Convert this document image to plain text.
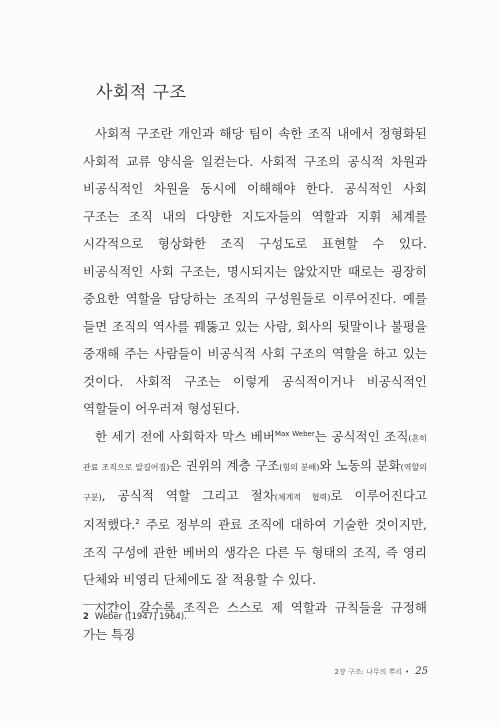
사회적 구조

사회적 구조란 개인과 해당 팀이 속한 조직 내에서 정형화된 사회적 교류 양식을 일컫는다. 사회적 구조의 공식적 차원과 비공식적인 차원을 동시에 이해해야 한다. 공식적인 사회 구조는 조직 내의 다양한 지도자들의 역할과 지휘 체계를 시각적으로 형상화한 조직 구성도로 표현할 수 있다. 비공식적인 사회 구조는, 명시되지는 않았지만 때로는 굉장히 중요한 역할을 담당하는 조직의 구성원들로 이루어진다. 예를 들면 조직의 역사를 꿰뚫고 있는 사람, 회사의 뒷말이나 불평을 중재해 주는 사람들이 비공식적 사회 구조의 역할을 하고 있는 것이다. 사회적 구조는 이렇게 공식적이거나 비공식적인 역할들이 어우러져 형성된다.

한 세기 전에 사회학자 막스 베버$^{Max Weber}$는 공식적인 조직(흔히 관료 조직으로 알길어짐)은 권위의 계층 구조(힘의 분배)와 노동의 분화(역할의 구분), 공식적 역할 그리고 절차(체계적 협력)로 이루어진다고 지적했다.$^2$ 주로 정부의 관료 조직에 대하여 기술한 것이지만, 조직 구성에 관한 베버의 생각은 다른 두 형태의 조직, 즉 영리 단체와 비영리 단체에도 잘 적용할 수 있다.

시간이 갈수록 조직은 스스로 제 역할과 규칙들을 규정해 가는 특징

2 Weber ([1947] 1964).

2장 구조: 나무의 뿌리 • 25
